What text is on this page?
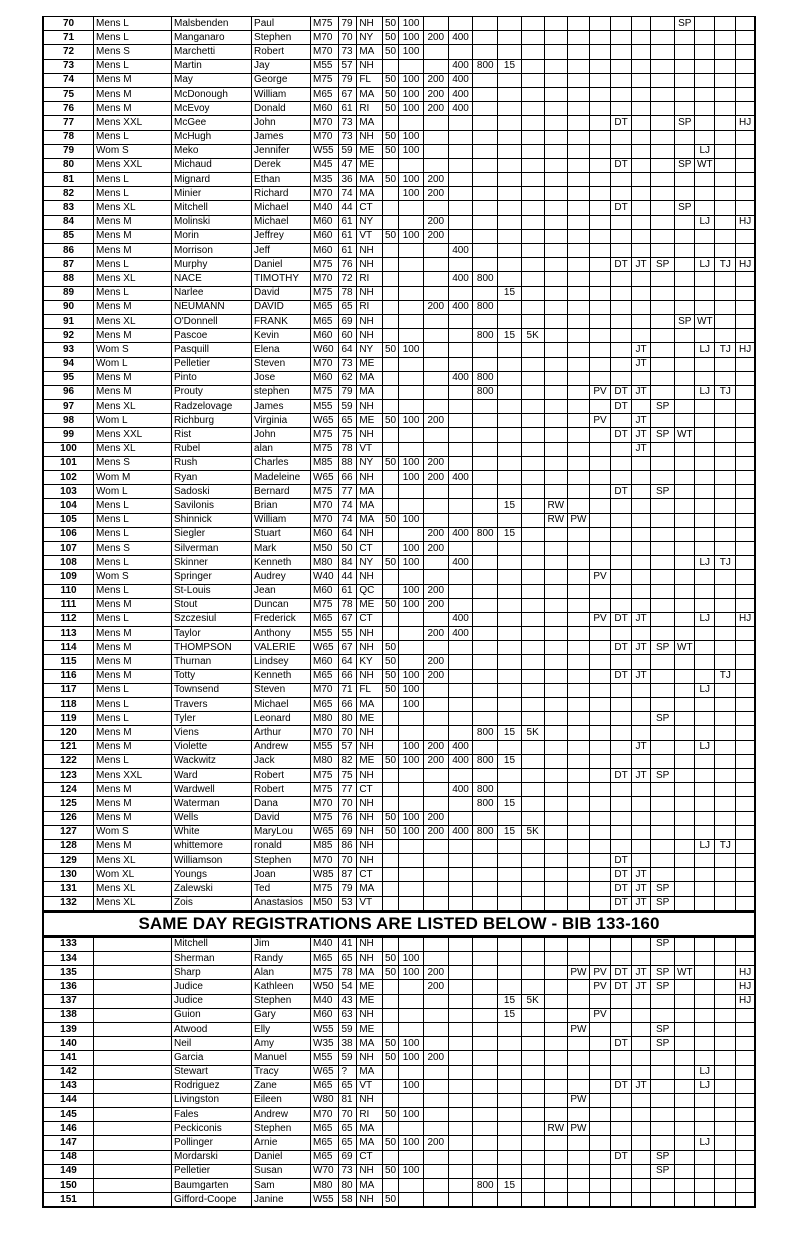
70	Mens L	Malsbenden	Paul	M75	79	NH	50	100												SP			
71	Mens L	Manganaro	Stephen	M70	70	NY	50	100	200	400													
72	Mens S	Marchetti	Robert	M70	73	MA	50	100															
73	Mens L	Martin	Jay	M55	57	NH				400	800	15											
74	Mens M	May	George	M75	79	FL	50	100	200	400													
75	Mens M	McDonough	William	M65	67	MA	50	100	200	400													
76	Mens M	McEvoy	Donald	M60	61	RI	50	100	200	400													
77	Mens XXL	McGee	John	M70	73	MA											DT			SP			HJ
78	Mens L	McHugh	James	M70	73	NH	50	100															
79	Wom S	Meko	Jennifer	W55	59	ME	50	100													LJ		
80	Mens XXL	Michaud	Derek	M45	47	ME											DT			SP	WT		
81	Mens L	Mignard	Ethan	M35	36	MA	50	100	200														
82	Mens L	Minier	Richard	M70	74	MA		100	200														
83	Mens XL	Mitchell	Michael	M40	44	CT											DT			SP			
84	Mens M	Molinski	Michael	M60	61	NY			200												LJ		HJ
85	Mens M	Morin	Jeffrey	M60	61	VT	50	100	200														
86	Mens M	Morrison	Jeff	M60	61	NH				400													
87	Mens L	Murphy	Daniel	M75	76	NH											DT	JT	SP		LJ	TJ	HJ
88	Mens XL	NACE	TIMOTHY	M70	72	RI				400	800												
89	Mens L	Narlee	David	M75	78	NH						15											
90	Mens M	NEUMANN	DAVID	M65	65	RI			200	400	800												
91	Mens XL	O'Donnell	FRANK	M65	69	NH														SP	WT		
92	Mens M	Pascoe	Kevin	M60	60	NH					800	15	5K										
93	Wom S	Pasquill	Elena	W60	64	NY	50	100										JT			LJ	TJ	HJ
94	Wom L	Pelletier	Steven	M70	73	ME												JT					
95	Mens M	Pinto	Jose	M60	62	MA				400	800												
96	Mens M	Prouty	stephen	M75	79	MA					800					PV	DT	JT			LJ	TJ	
97	Mens XL	Radzelovage	James	M55	59	NH											DT		SP				
98	Wom L	Richburg	Virginia	W65	65	ME	50	100	200							PV		JT					
99	Mens XXL	Rist	John	M75	75	NH											DT	JT	SP	WT			
100	Mens XL	Rubel	alan	M75	78	VT												JT					
101	Mens S	Rush	Charles	M85	88	NY	50	100	200														
102	Wom M	Ryan	Madeleine	W65	66	NH		100	200	400													
103	Wom L	Sadoski	Bernard	M75	77	MA											DT		SP				
104	Mens L	Savilonis	Brian	M70	74	MA						15		RW									
105	Mens L	Shinnick	William	M70	74	MA	50	100						RW	PW								
106	Mens L	Siegler	Stuart	M60	64	NH			200	400	800	15											
107	Mens S	Silverman	Mark	M50	50	CT		100	200														
108	Mens L	Skinner	Kenneth	M80	84	NY	50	100		400											LJ	TJ	
109	Wom S	Springer	Audrey	W40	44	NH										PV							
110	Mens L	St-Louis	Jean	M60	61	QC		100	200														
111	Mens M	Stout	Duncan	M75	78	ME	50	100	200														
112	Mens L	Szczesiul	Frederick	M65	67	CT				400						PV	DT	JT			LJ		HJ
113	Mens M	Taylor	Anthony	M55	55	NH			200	400													
114	Mens M	THOMPSON	VALERIE	W65	67	NH	50										DT	JT	SP	WT			
115	Mens M	Thurnan	Lindsey	M60	64	KY	50		200														
116	Mens M	Totty	Kenneth	M65	66	NH	50	100	200								DT	JT				TJ	
117	Mens L	Townsend	Steven	M70	71	FL	50	100													LJ		
118	Mens L	Travers	Michael	M65	66	MA		100															
119	Mens L	Tyler	Leonard	M80	80	ME													SP				
120	Mens M	Viens	Arthur	M70	70	NH					800	15	5K										
121	Mens M	Violette	Andrew	M55	57	NH		100	200	400								JT			LJ		
122	Mens L	Wackwitz	Jack	M80	82	ME	50	100	200	400	800	15											
123	Mens XXL	Ward	Robert	M75	75	NH											DT	JT	SP				
124	Mens M	Wardwell	Robert	M75	77	CT				400	800												
125	Mens M	Waterman	Dana	M70	70	NH					800	15											
126	Mens M	Wells	David	M75	76	NH	50	100	200														
127	Wom S	White	MaryLou	W65	69	NH	50	100	200	400	800	15	5K										
128	Mens M	whittemore	ronald	M85	86	NH															LJ	TJ	
129	Mens XL	Williamson	Stephen	M70	70	NH											DT						
130	Wom XL	Youngs	Joan	W85	87	CT											DT	JT					
131	Mens XL	Zalewski	Ted	M75	79	MA											DT	JT	SP				
132	Mens XL	Zois	Anastasios	M50	53	VT											DT	JT	SP				
SAME DAY REGISTRATIONS ARE LISTED BELOW - BIB 133-160
133		Mitchell	Jim	M40	41	NH													SP				
134		Sherman	Randy	M65	65	NH	50	100															
135		Sharp	Alan	M75	78	MA	50	100	200						PW	PV	DT	JT	SP	WT			HJ
136		Judice	Kathleen	W50	54	ME			200							PV	DT	JT	SP				HJ
137		Judice	Stephen	M40	43	ME						15	5K										HJ
138		Guion	Gary	M60	63	NH						15				PV							
139		Atwood	Elly	W55	59	ME									PW				SP				
140		Neil	Amy	W35	38	MA	50	100									DT		SP				
141		Garcia	Manuel	M55	59	NH	50	100	200														
142		Stewart	Tracy	W65	?	MA															LJ		
143		Rodriguez	Zane	M65	65	VT		100									DT	JT			LJ		
144		Livingston	Eileen	W80	81	NH									PW								
145		Fales	Andrew	M70	70	RI	50	100															
146		Peckiconis	Stephen	M65	65	MA								RW	PW								
147		Pollinger	Arnie	M65	65	MA	50	100	200												LJ		
148		Mordarski	Daniel	M65	69	CT											DT		SP				
149		Pelletier	Susan	W70	73	NH	50	100											SP				
150		Baumgarten	Sam	M80	80	MA					800	15											
151		Gifford-Coope	Janine	W55	58	NH	50																
